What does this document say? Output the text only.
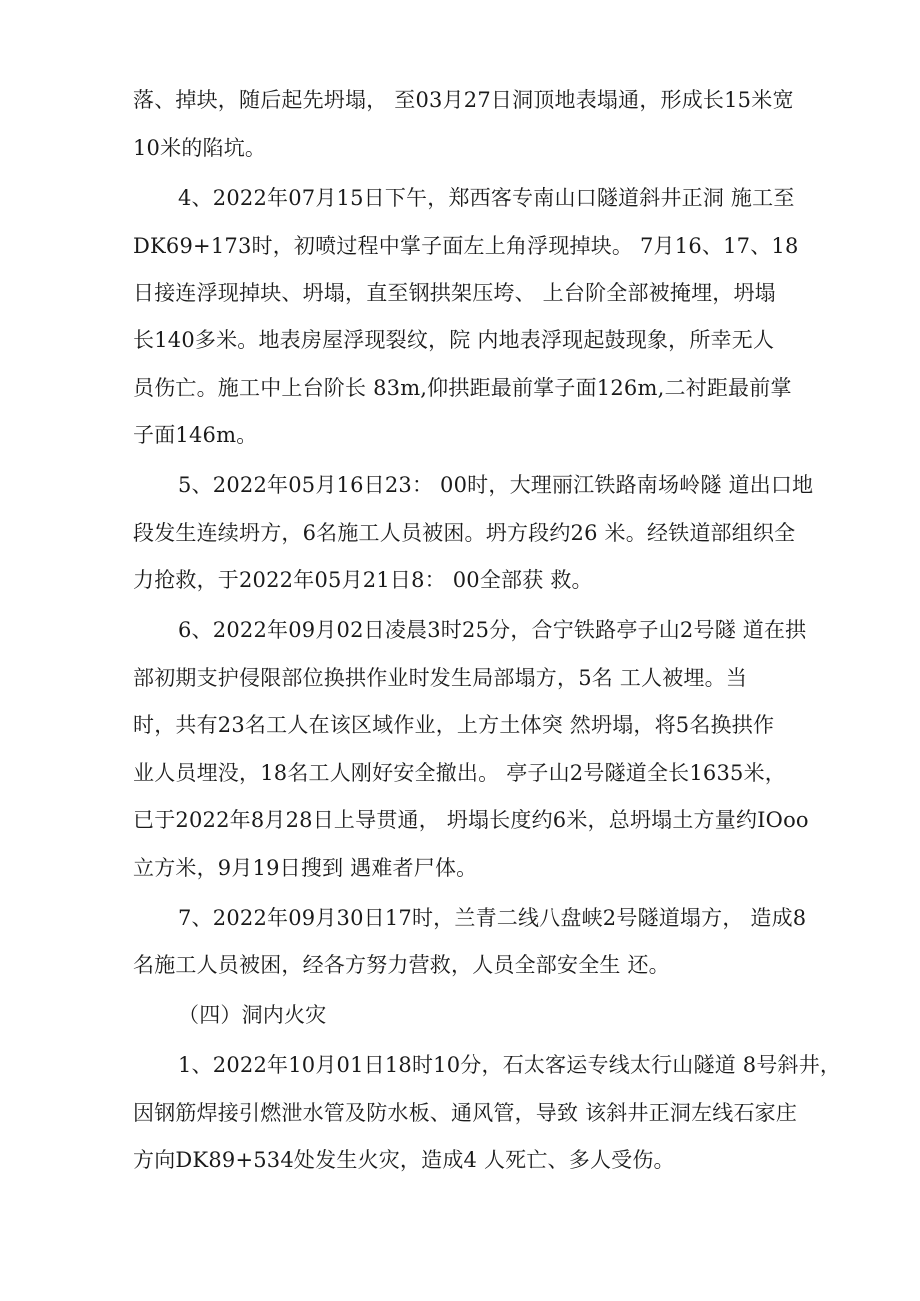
落、掉块，随后起先坍塌， 至03月27日洞顶地表塌通，形成长15米宽
10米的陷坑。
4、2022年07月15日下午，郑西客专南山口隧道斜井正洞 施工至
DK69+173时，初喷过程中掌子面左上角浮现掉块。 7月16、17、18
日接连浮现掉块、坍塌，直至钢拱架压垮、 上台阶全部被掩埋，坍塌
长140多米。地表房屋浮现裂纹，院 内地表浮现起鼓现象，所幸无人
员伤亡。施工中上台阶长 83m,仰拱距最前掌子面126m,二衬距最前掌
子面146m。
5、2022年05月16日23： 00时，大理丽江铁路南场岭隧 道出口地
段发生连续坍方，6名施工人员被困。坍方段约26 米。经铁道部组织全
力抢救，于2022年05月21日8： 00全部获 救。
6、2022年09月02日凌晨3时25分，合宁铁路亭子山2号隧 道在拱
部初期支护侵限部位换拱作业时发生局部塌方，5名 工人被埋。当
时，共有23名工人在该区域作业，上方土体突 然坍塌，将5名换拱作
业人员埋没，18名工人刚好安全撤出。 亭子山2号隧道全长1635米，
已于2022年8月28日上导贯通， 坍塌长度约6米，总坍塌土方量约IOoo
立方米，9月19日搜到 遇难者尸体。
7、2022年09月30日17时，兰青二线八盘峡2号隧道塌方， 造成8
名施工人员被困，经各方努力营救，人员全部安全生 还。
（四）洞内火灾
1、2022年10月01日18时10分，石太客运专线太行山隧道 8号斜井，
因钢筋焊接引燃泄水管及防水板、通风管，导致 该斜井正洞左线石家庄
方向DK89+534处发生火灾，造成4 人死亡、多人受伤。
